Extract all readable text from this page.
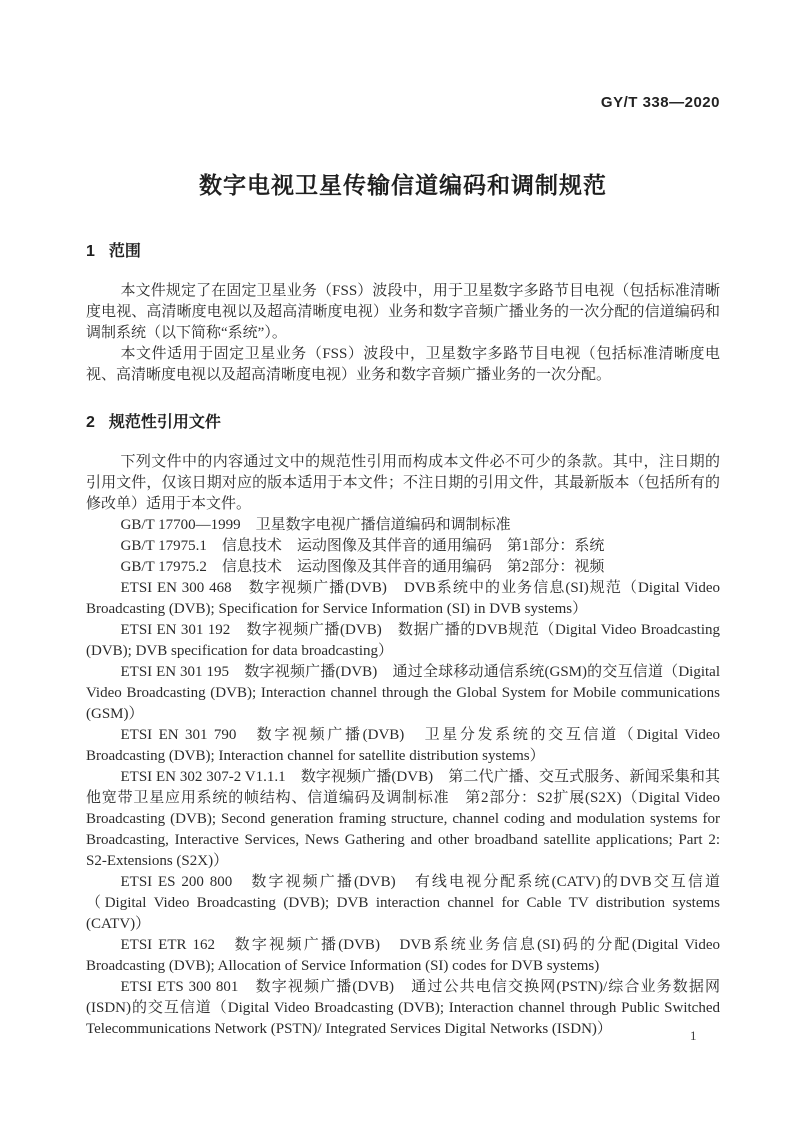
GY/T 338—2020
数字电视卫星传输信道编码和调制规范
1 范围

本文件规定了在固定卫星业务（FSS）波段中，用于卫星数字多路节目电视（包括标准清晰度电视、高清晰度电视以及超高清晰度电视）业务和数字音频广播业务的一次分配的信道编码和调制系统（以下简称“系统”）。

本文件适用于固定卫星业务（FSS）波段中，卫星数字多路节目电视（包括标准清晰度电视、高清晰度电视以及超高清晰度电视）业务和数字音频广播业务的一次分配。

2 规范性引用文件

下列文件中的内容通过文中的规范性引用而构成本文件必不可少的条款。其中，注日期的引用文件，仅该日期对应的版本适用于本文件；不注日期的引用文件，其最新版本（包括所有的修改单）适用于本文件。

GB/T 17700—1999　卫星数字电视广播信道编码和调制标准

GB/T 17975.1　信息技术　运动图像及其伴音的通用编码　第1部分：系统

GB/T 17975.2　信息技术　运动图像及其伴音的通用编码　第2部分：视频

ETSI EN 300 468　数字视频广播(DVB)　DVB系统中的业务信息(SI)规范（Digital Video Broadcasting (DVB); Specification for Service Information (SI) in DVB systems）

ETSI EN 301 192　数字视频广播(DVB)　数据广播的DVB规范（Digital Video Broadcasting (DVB); DVB specification for data broadcasting）

ETSI EN 301 195　数字视频广播(DVB)　通过全球移动通信系统(GSM)的交互信道（Digital Video Broadcasting (DVB); Interaction channel through the Global System for Mobile communications (GSM)）

ETSI EN 301 790　数字视频广播(DVB)　卫星分发系统的交互信道（Digital Video Broadcasting (DVB); Interaction channel for satellite distribution systems）

ETSI EN 302 307-2 V1.1.1　数字视频广播(DVB)　第二代广播、交互式服务、新闻采集和其他宽带卫星应用系统的帧结构、信道编码及调制标准　第2部分：S2扩展(S2X)（Digital Video Broadcasting (DVB); Second generation framing structure, channel coding and modulation systems for Broadcasting, Interactive Services, News Gathering and other broadband satellite applications; Part 2: S2-Extensions (S2X)）

ETSI ES 200 800　数字视频广播(DVB)　有线电视分配系统(CATV)的DVB交互信道（Digital Video Broadcasting (DVB); DVB interaction channel for Cable TV distribution systems (CATV)）

ETSI ETR 162　数字视频广播(DVB)　DVB系统业务信息(SI)码的分配(Digital Video Broadcasting (DVB); Allocation of Service Information (SI) codes for DVB systems)

ETSI ETS 300 801　数字视频广播(DVB)　通过公共电信交换网(PSTN)/综合业务数据网(ISDN)的交互信道（Digital Video Broadcasting (DVB); Interaction channel through Public Switched Telecommunications Network (PSTN)/ Integrated Services Digital Networks (ISDN)）	1
